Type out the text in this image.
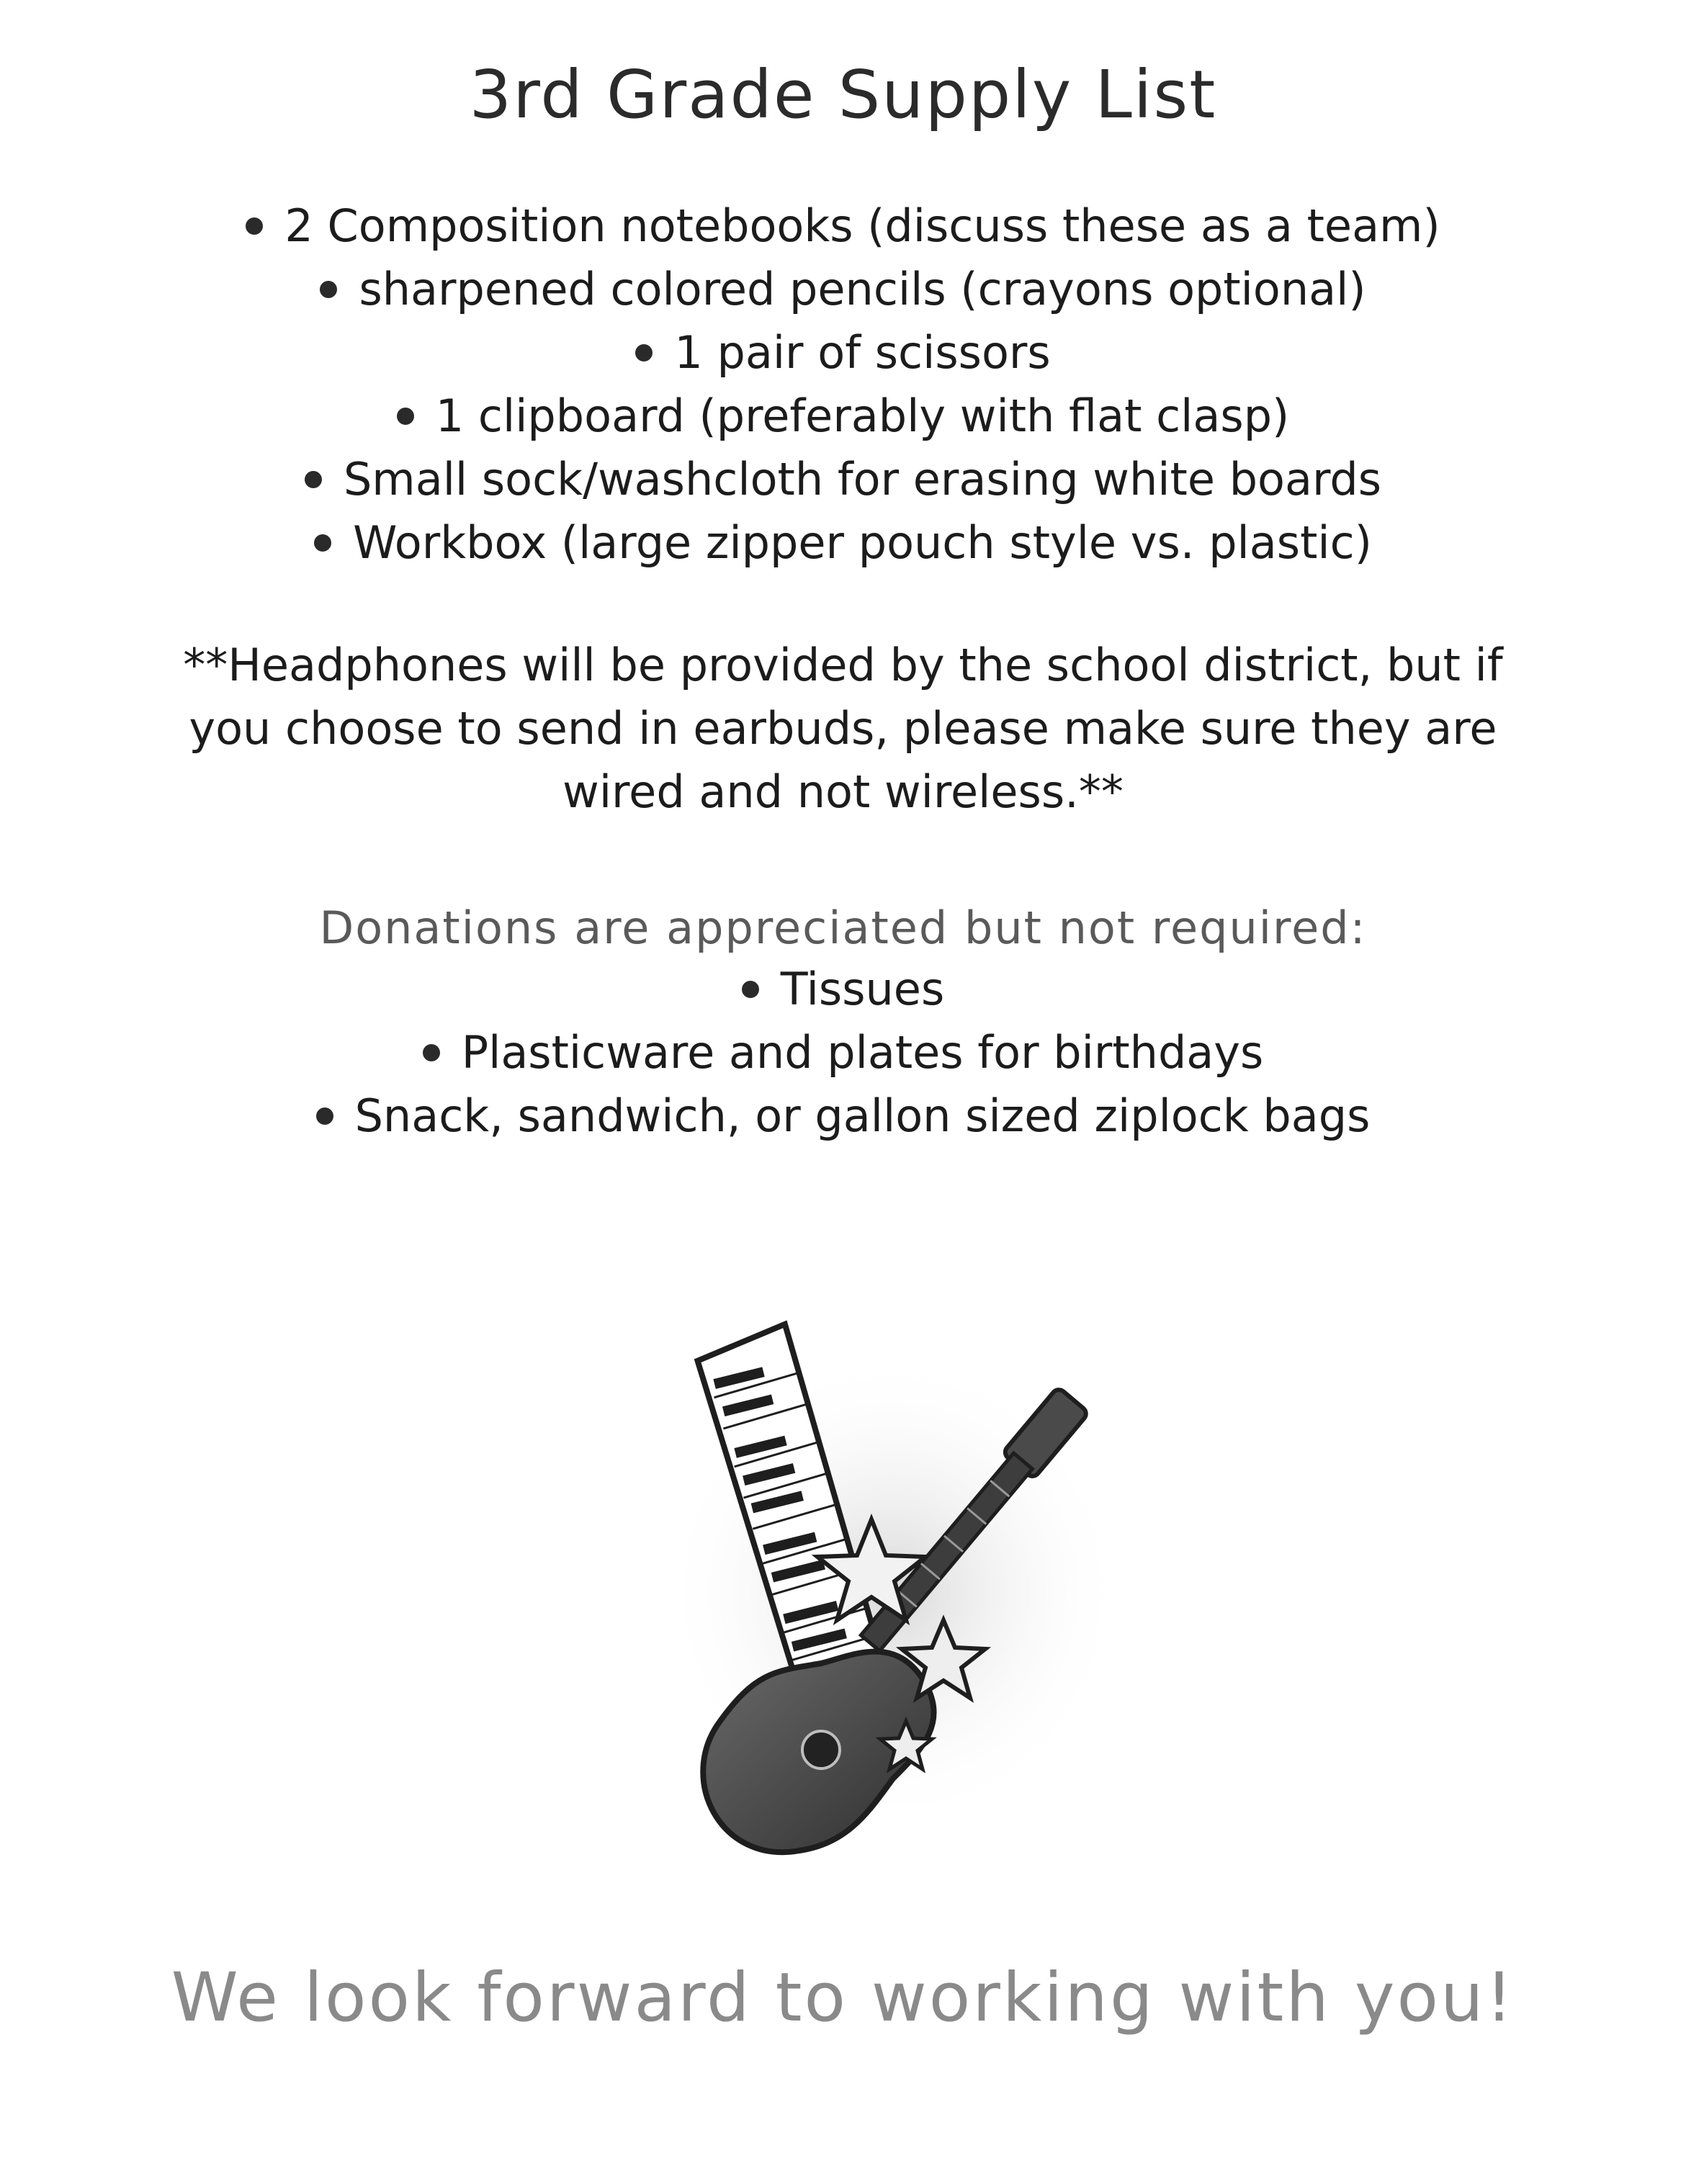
3rd Grade Supply List
2 Composition notebooks (discuss these as a team)
sharpened colored pencils (crayons optional)
1 pair of scissors
1 clipboard (preferably with flat clasp)
Small sock/washcloth for erasing white boards
Workbox (large zipper pouch style vs. plastic)

**Headphones will be provided by the school district, but if you choose to send in earbuds, please make sure they are wired and not wireless.**

Donations are appreciated but not required:

Tissues
Plasticware and plates for birthdays
Snack, sandwich, or gallon sized ziplock bags

We look forward to working with you!
